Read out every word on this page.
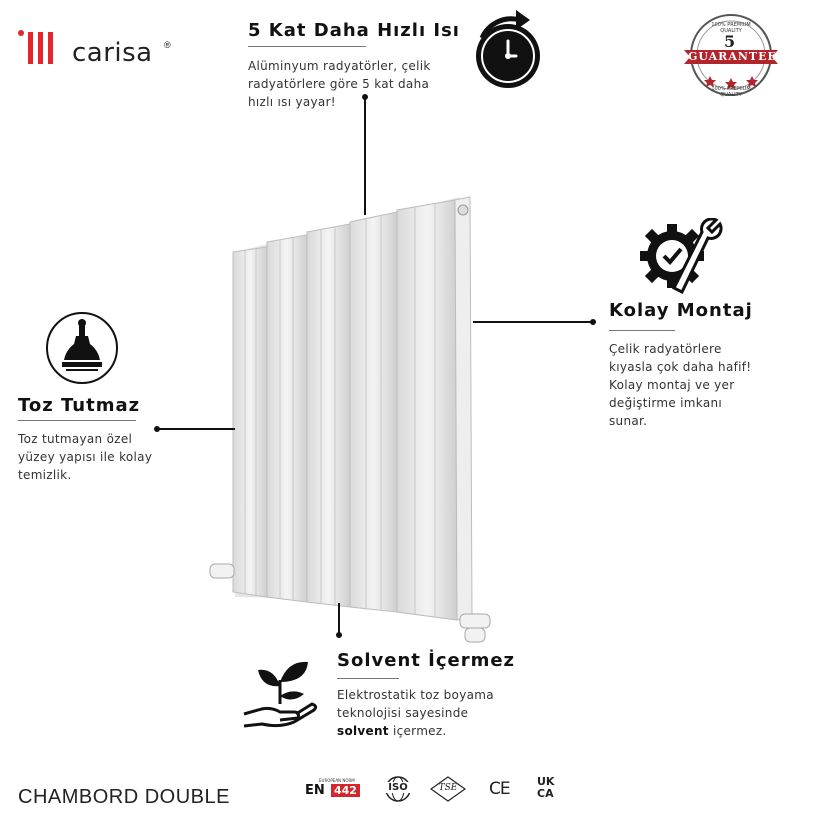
carisa ®
100% PREMIUM QUALITY
5
GUARANTEE
100% PREMIUM QUALITY
5 Kat Daha Hızlı Isı
Alüminyum radyatörler, çelik
radyatörlere göre 5 kat daha
hızlı ısı yayar!
Kolay Montaj
Çelik radyatörlere
kıyasla çok daha hafif!
Kolay montaj ve yer
değiştirme imkanı
sunar.
Toz Tutmaz
Toz tutmayan özel
yüzey yapısı ile kolay
temizlik.
Solvent İçermez
Elektrostatik toz boyama
teknolojisi sayesinde
solvent içermez.
CHAMBORD DOUBLE
EUROPEAN NORM
EN 442	ISO	TSE CE UK
CA
